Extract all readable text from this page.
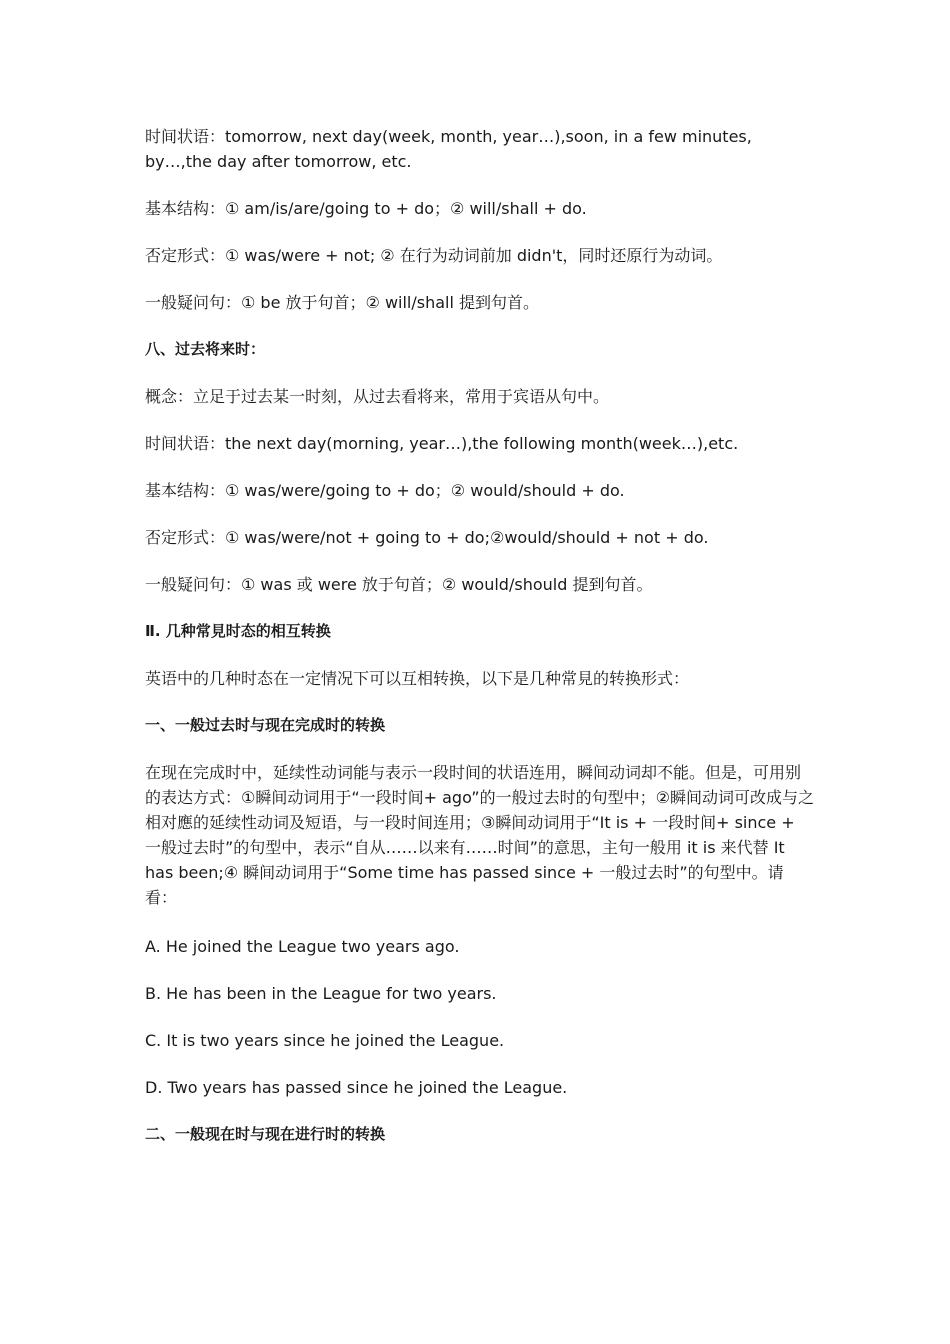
时间状语：tomorrow, next day(week, month, year…),soon, in a few minutes, by…,the day after tomorrow, etc.

基本结构：① am/is/are/going to + do；② will/shall + do.

否定形式：① was/were + not; ② 在行为动词前加 didn't，同时还原行为动词。

一般疑问句：① be 放于句首；② will/shall 提到句首。

八、过去将来时：

概念：立足于过去某一时刻，从过去看将来，常用于宾语从句中。

时间状语：the next day(morning, year…),the following month(week…),etc.

基本结构：① was/were/going to + do；② would/should + do.

否定形式：① was/were/not + going to + do;②would/should + not + do.

一般疑问句：① was 或 were 放于句首；② would/should 提到句首。

Ⅱ. 几种常見时态的相互转换

英语中的几种时态在一定情况下可以互相转换，以下是几种常見的转换形式：

一、一般过去时与现在完成时的转换

在现在完成时中，延续性动词能与表示一段时间的状语连用，瞬间动词却不能。但是，可用别的表达方式：①瞬间动词用于“一段时间+ ago”的一般过去时的句型中；②瞬间动词可改成与之相对應的延续性动词及短语，与一段时间连用；③瞬间动词用于“It is + 一段时间+ since + 一般过去时”的句型中，表示“自从……以来有……时间”的意思，主句一般用 it is 来代替 It has been;④ 瞬间动词用于“Some time has passed since + 一般过去时”的句型中。请看：

A. He joined the League two years ago.

B. He has been in the League for two years.

C. It is two years since he joined the League.

D. Two years has passed since he joined the League.

二、一般现在时与现在进行时的转换
